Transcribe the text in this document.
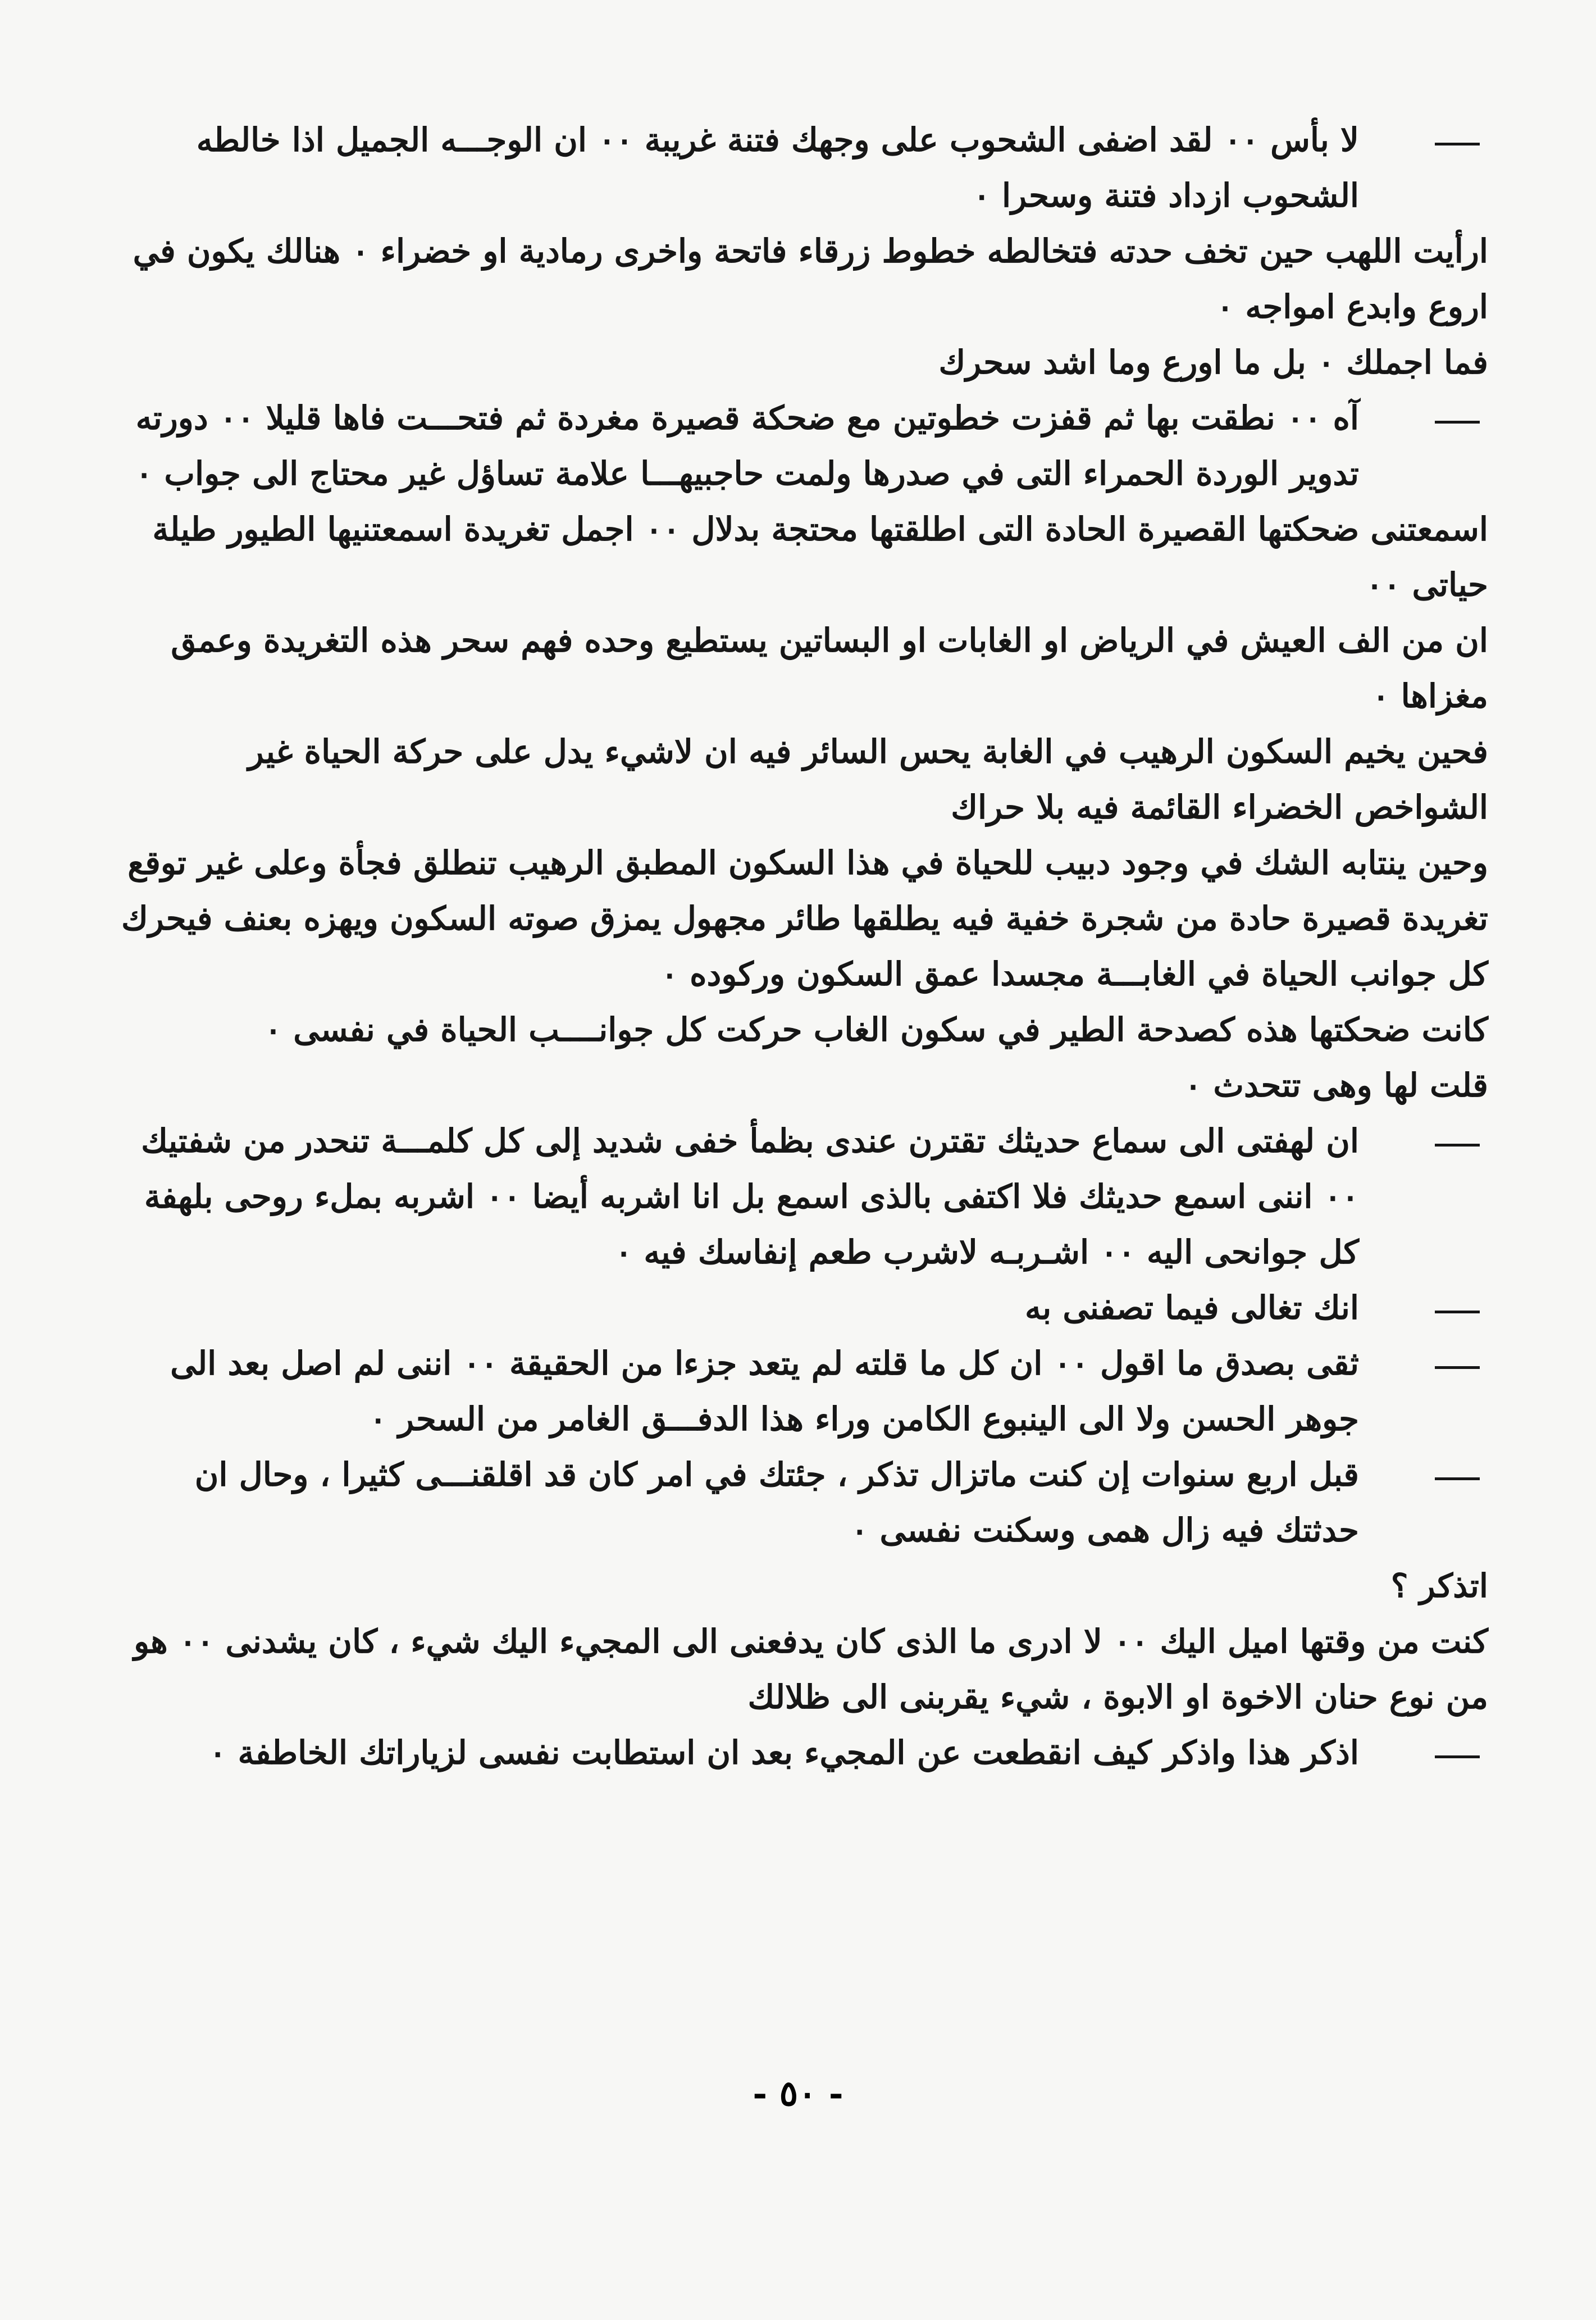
لا بأس ٠٠ لقد اضفى الشحوب على وجهك فتنة غريبة ٠٠ ان الوجـــه الجميل اذا خالطه الشحوب ازداد فتنة وسحرا ٠

ارأيت اللهب حين تخف حدته فتخالطه خطوط زرقاء فاتحة واخرى رمادية او خضراء ٠ هنالك يكون في اروع وابدع امواجه ٠

فما اجملك ٠ بل ما اورع وما اشد سحرك

آه ٠٠ نطقت بها ثم قفزت خطوتين مع ضحكة قصيرة مغردة ثم فتحـــت فاها قليلا ٠٠ دورته تدوير الوردة الحمراء التى في صدرها ولمت حاجبيهـــا علامة تساؤل غير محتاج الى جواب ٠

اسمعتنى ضحكتها القصيرة الحادة التى اطلقتها محتجة بدلال ٠٠ اجمل تغريدة اسمعتنيها الطيور طيلة حياتى ٠٠

ان من الف العيش في الرياض او الغابات او البساتين يستطيع وحده فهم سحر هذه التغريدة وعمق مغزاها ٠

فحين يخيم السكون الرهيب في الغابة يحس السائر فيه ان لاشيء يدل على حركة الحياة غير الشواخص الخضراء القائمة فيه بلا حراك

وحين ينتابه الشك في وجود دبيب للحياة في هذا السكون المطبق الرهيب تنطلق فجأة وعلى غير توقع تغريدة قصيرة حادة من شجرة خفية فيه يطلقها طائر مجهول يمزق صوته السكون ويهزه بعنف فيحرك كل جوانب الحياة في الغابـــة مجسدا عمق السكون وركوده ٠

كانت ضحكتها هذه كصدحة الطير في سكون الغاب حركت كل جوانــــب الحياة في نفسى ٠

قلت لها وهى تتحدث ٠

ان لهفتى الى سماع حديثك تقترن عندى بظمأ خفى شديد إلى كل كلمـــة تنحدر من شفتيك ٠٠ اننى اسمع حديثك فلا اكتفى بالذى اسمع بل انا اشربه أيضا ٠٠ اشربه بملء روحى بلهفة كل جوانحى اليه ٠٠ اشـربـه لاشرب طعم إنفاسك فيه ٠

انك تغالى فيما تصفنى به

ثقى بصدق ما اقول ٠٠ ان كل ما قلته لم يتعد جزءا من الحقيقة ٠٠ اننى لم اصل بعد الى جوهر الحسن ولا الى الينبوع الكامن وراء هذا الدفـــق الغامر من السحر ٠

قبل اربع سنوات إن كنت ماتزال تذكر ، جئتك في امر كان قد اقلقنـــى كثيرا ، وحال ان حدثتك فيه زال همى وسكنت نفسى ٠

اتذكر ؟

كنت من وقتها اميل اليك ٠٠ لا ادرى ما الذى كان يدفعنى الى المجيء اليك شيء ، كان يشدنى ٠٠ هو من نوع حنان الاخوة او الابوة ، شيء يقربنى الى ظلالك

اذكر هذا واذكر كيف انقطعت عن المجيء بعد ان استطابت نفسى لزياراتك الخاطفة ٠

- ٥٠ -
